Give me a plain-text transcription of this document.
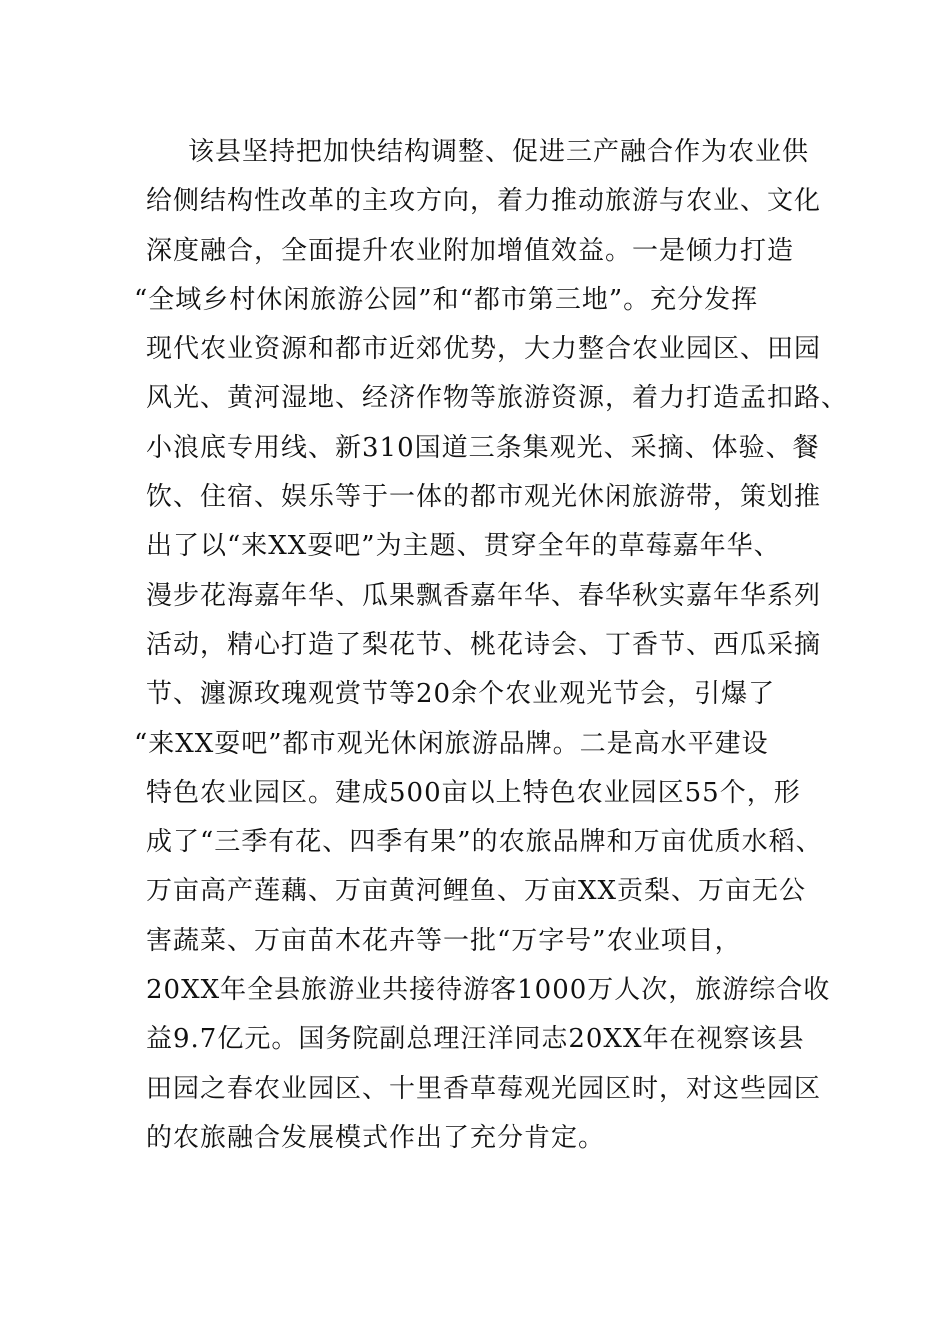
该县坚持把加快结构调整、促进三产融合作为农业供
给侧结构性改革的主攻方向，着力推动旅游与农业、文化
深度融合，全面提升农业附加增值效益。一是倾力打造
“全域乡村休闲旅游公园”和“都市第三地”。充分发挥
现代农业资源和都市近郊优势，大力整合农业园区、田园
风光、黄河湿地、经济作物等旅游资源，着力打造孟扣路、
小浪底专用线、新310国道三条集观光、采摘、体验、餐
饮、住宿、娱乐等于一体的都市观光休闲旅游带，策划推
出了以“来XX耍吧”为主题、贯穿全年的草莓嘉年华、
漫步花海嘉年华、瓜果飘香嘉年华、春华秋实嘉年华系列
活动，精心打造了梨花节、桃花诗会、丁香节、西瓜采摘
节、瀍源玫瑰观赏节等20余个农业观光节会，引爆了
“来XX耍吧”都市观光休闲旅游品牌。二是高水平建设
特色农业园区。建成500亩以上特色农业园区55个，形
成了“三季有花、四季有果”的农旅品牌和万亩优质水稻、
万亩高产莲藕、万亩黄河鲤鱼、万亩XX贡梨、万亩无公
害蔬菜、万亩苗木花卉等一批“万字号”农业项目，
20XX年全县旅游业共接待游客1000万人次，旅游综合收
益9.7亿元。国务院副总理汪洋同志20XX年在视察该县
田园之春农业园区、十里香草莓观光园区时，对这些园区
的农旅融合发展模式作出了充分肯定。
